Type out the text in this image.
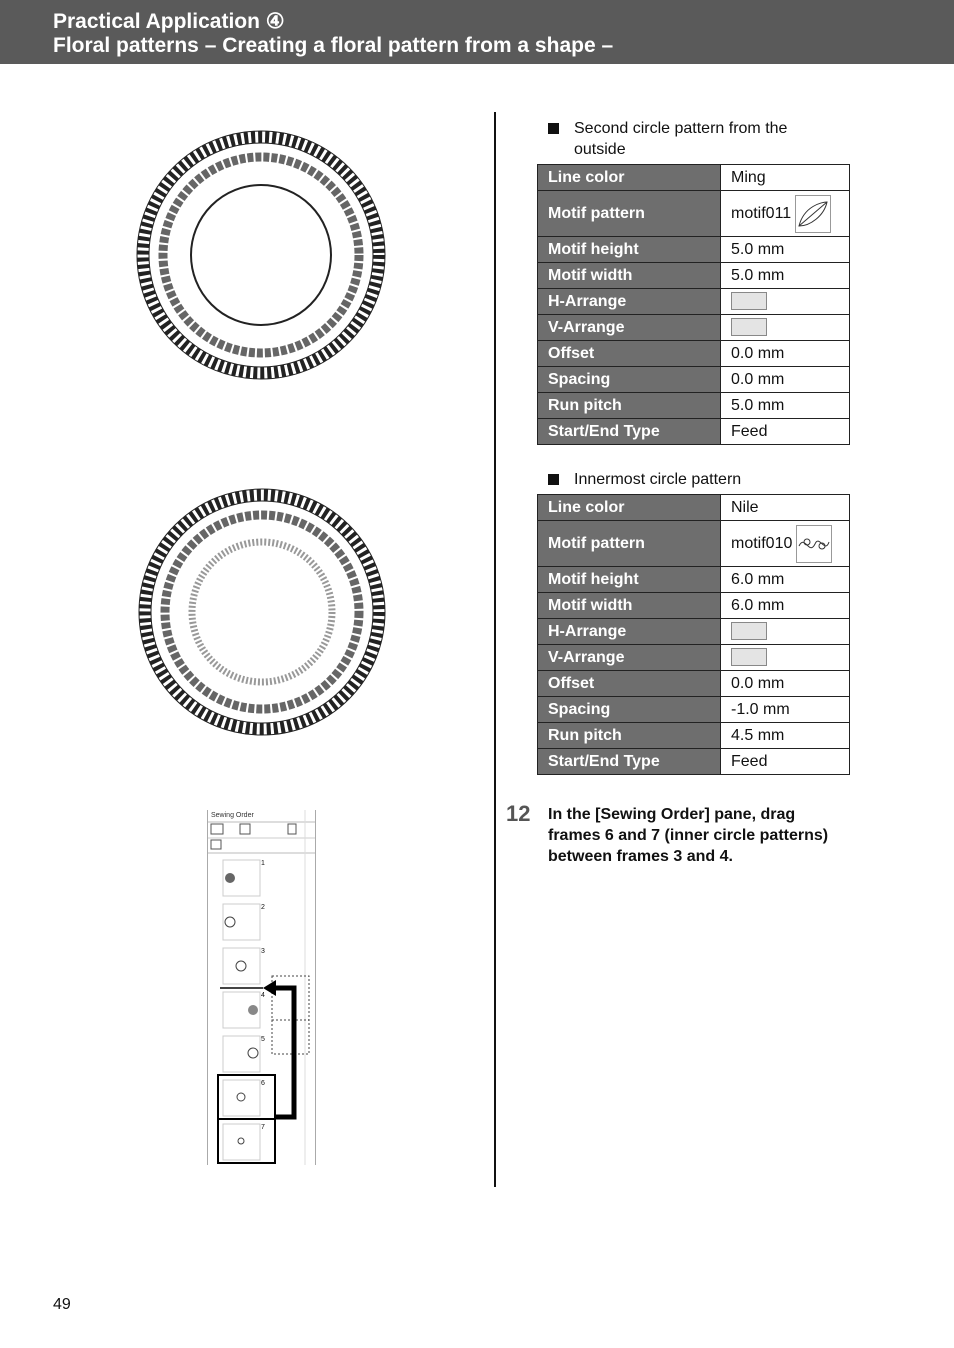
Practical Application ④
Floral patterns – Creating a floral pattern from a shape –
Sewing Order
1
2
3
4
5
6
7
Second circle pattern from the outside
Line color	Ming
Motif pattern	motif011
Motif height	5.0 mm
Motif width	5.0 mm
H-Arrange	
V-Arrange	
Offset	0.0 mm
Spacing	0.0 mm
Run pitch	5.0 mm
Start/End Type	Feed
Innermost circle pattern
Line color	Nile
Motif pattern	motif010
Motif height	6.0 mm
Motif width	6.0 mm
H-Arrange	
V-Arrange	
Offset	0.0 mm
Spacing	-1.0 mm
Run pitch	4.5 mm
Start/End Type	Feed
12 In the [Sewing Order] pane, drag frames 6 and 7 (inner circle patterns) between frames 3 and 4.
49
